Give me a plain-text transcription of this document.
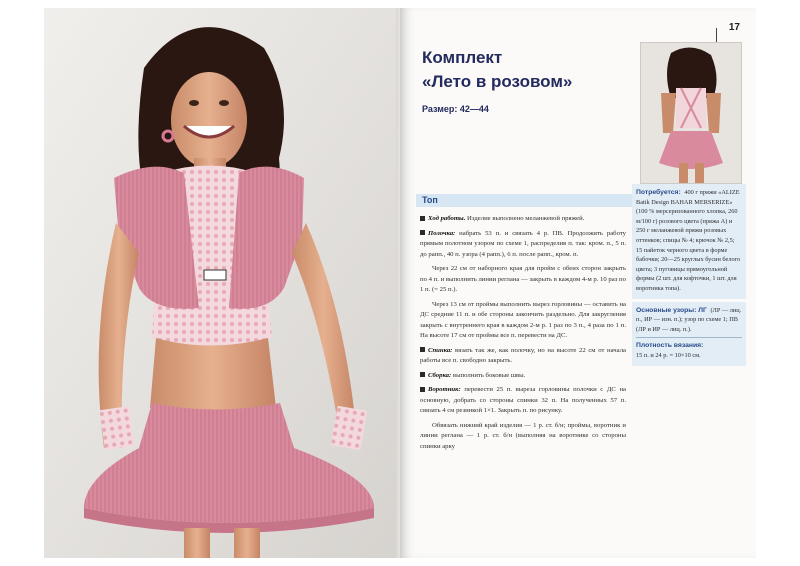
17
Комплект
«Лето в розовом»
Размер: 42—44
Топ

Ход работы. Изделие выполнено меланжевой пряжей.

Полочка: набрать 53 п. и связать 4 р. ПВ. Продолжить работу прямым полотном узором по схеме 1, распределив п. так: кром. п., 5 п. до рапп., 40 п. узора (4 рапп.), 6 п. после рапп., кром. п.

Через 22 см от наборного края для пройм с обеих сторон закрыть по 4 п. и выполнить линии реглана — закрыть в каждом 4-м р. 10 раз по 1 п. (= 25 п.).

Через 13 см от проймы выполнить вырез горловины — оставить на ДС средние 11 п. и обе стороны закончить раздельно. Для закругления закрыть с внутреннего края в каждом 2-м р. 1 раз по 3 п., 4 раза по 1 п. На высоте 17 см от проймы все п. перевести на ДС.

Спинка: вязать так же, как полочку, но на высоте 22 см от начала работы все п. свободно закрыть.

Сборка: выполнить боковые швы.

Воротник: перевести 25 п. выреза горловины полочки с ДС на основную, добрать со стороны спинки 32 п. На полученных 57 п. связать 4 см резинкой 1×1. Закрыть п. по рисунку.

Обвязать нижний край изделия — 1 р. ст. б/н; проймы, воротник и линии реглана — 1 р. ст. б/н (выполняя на воротнике со стороны спинки арку

Потребуется: 400 г пряжи «ALIZE Batik Design BAHAR MERSERIZE» (100 % мерсеризованного хлопка, 260 м/100 г) розового цвета (пряжа А) и 250 г меланжевой пряжи розовых оттенков; спицы № 4; крючок № 2,5; 15 пайеток черного цвета в форме бабочки; 20—25 круглых бусин белого цвета; 3 пуговицы прямоугольной формы (2 шт. для кофточки, 1 шт. для воротника топа).
Основные узоры: ЛГ (ЛР — лиц. п., ИР — изн. п.); узор по схеме 1; ПВ (ЛР и ИР — лиц. п.).
Плотность вязания:
15 п. и 24 р. = 10×10 см.
